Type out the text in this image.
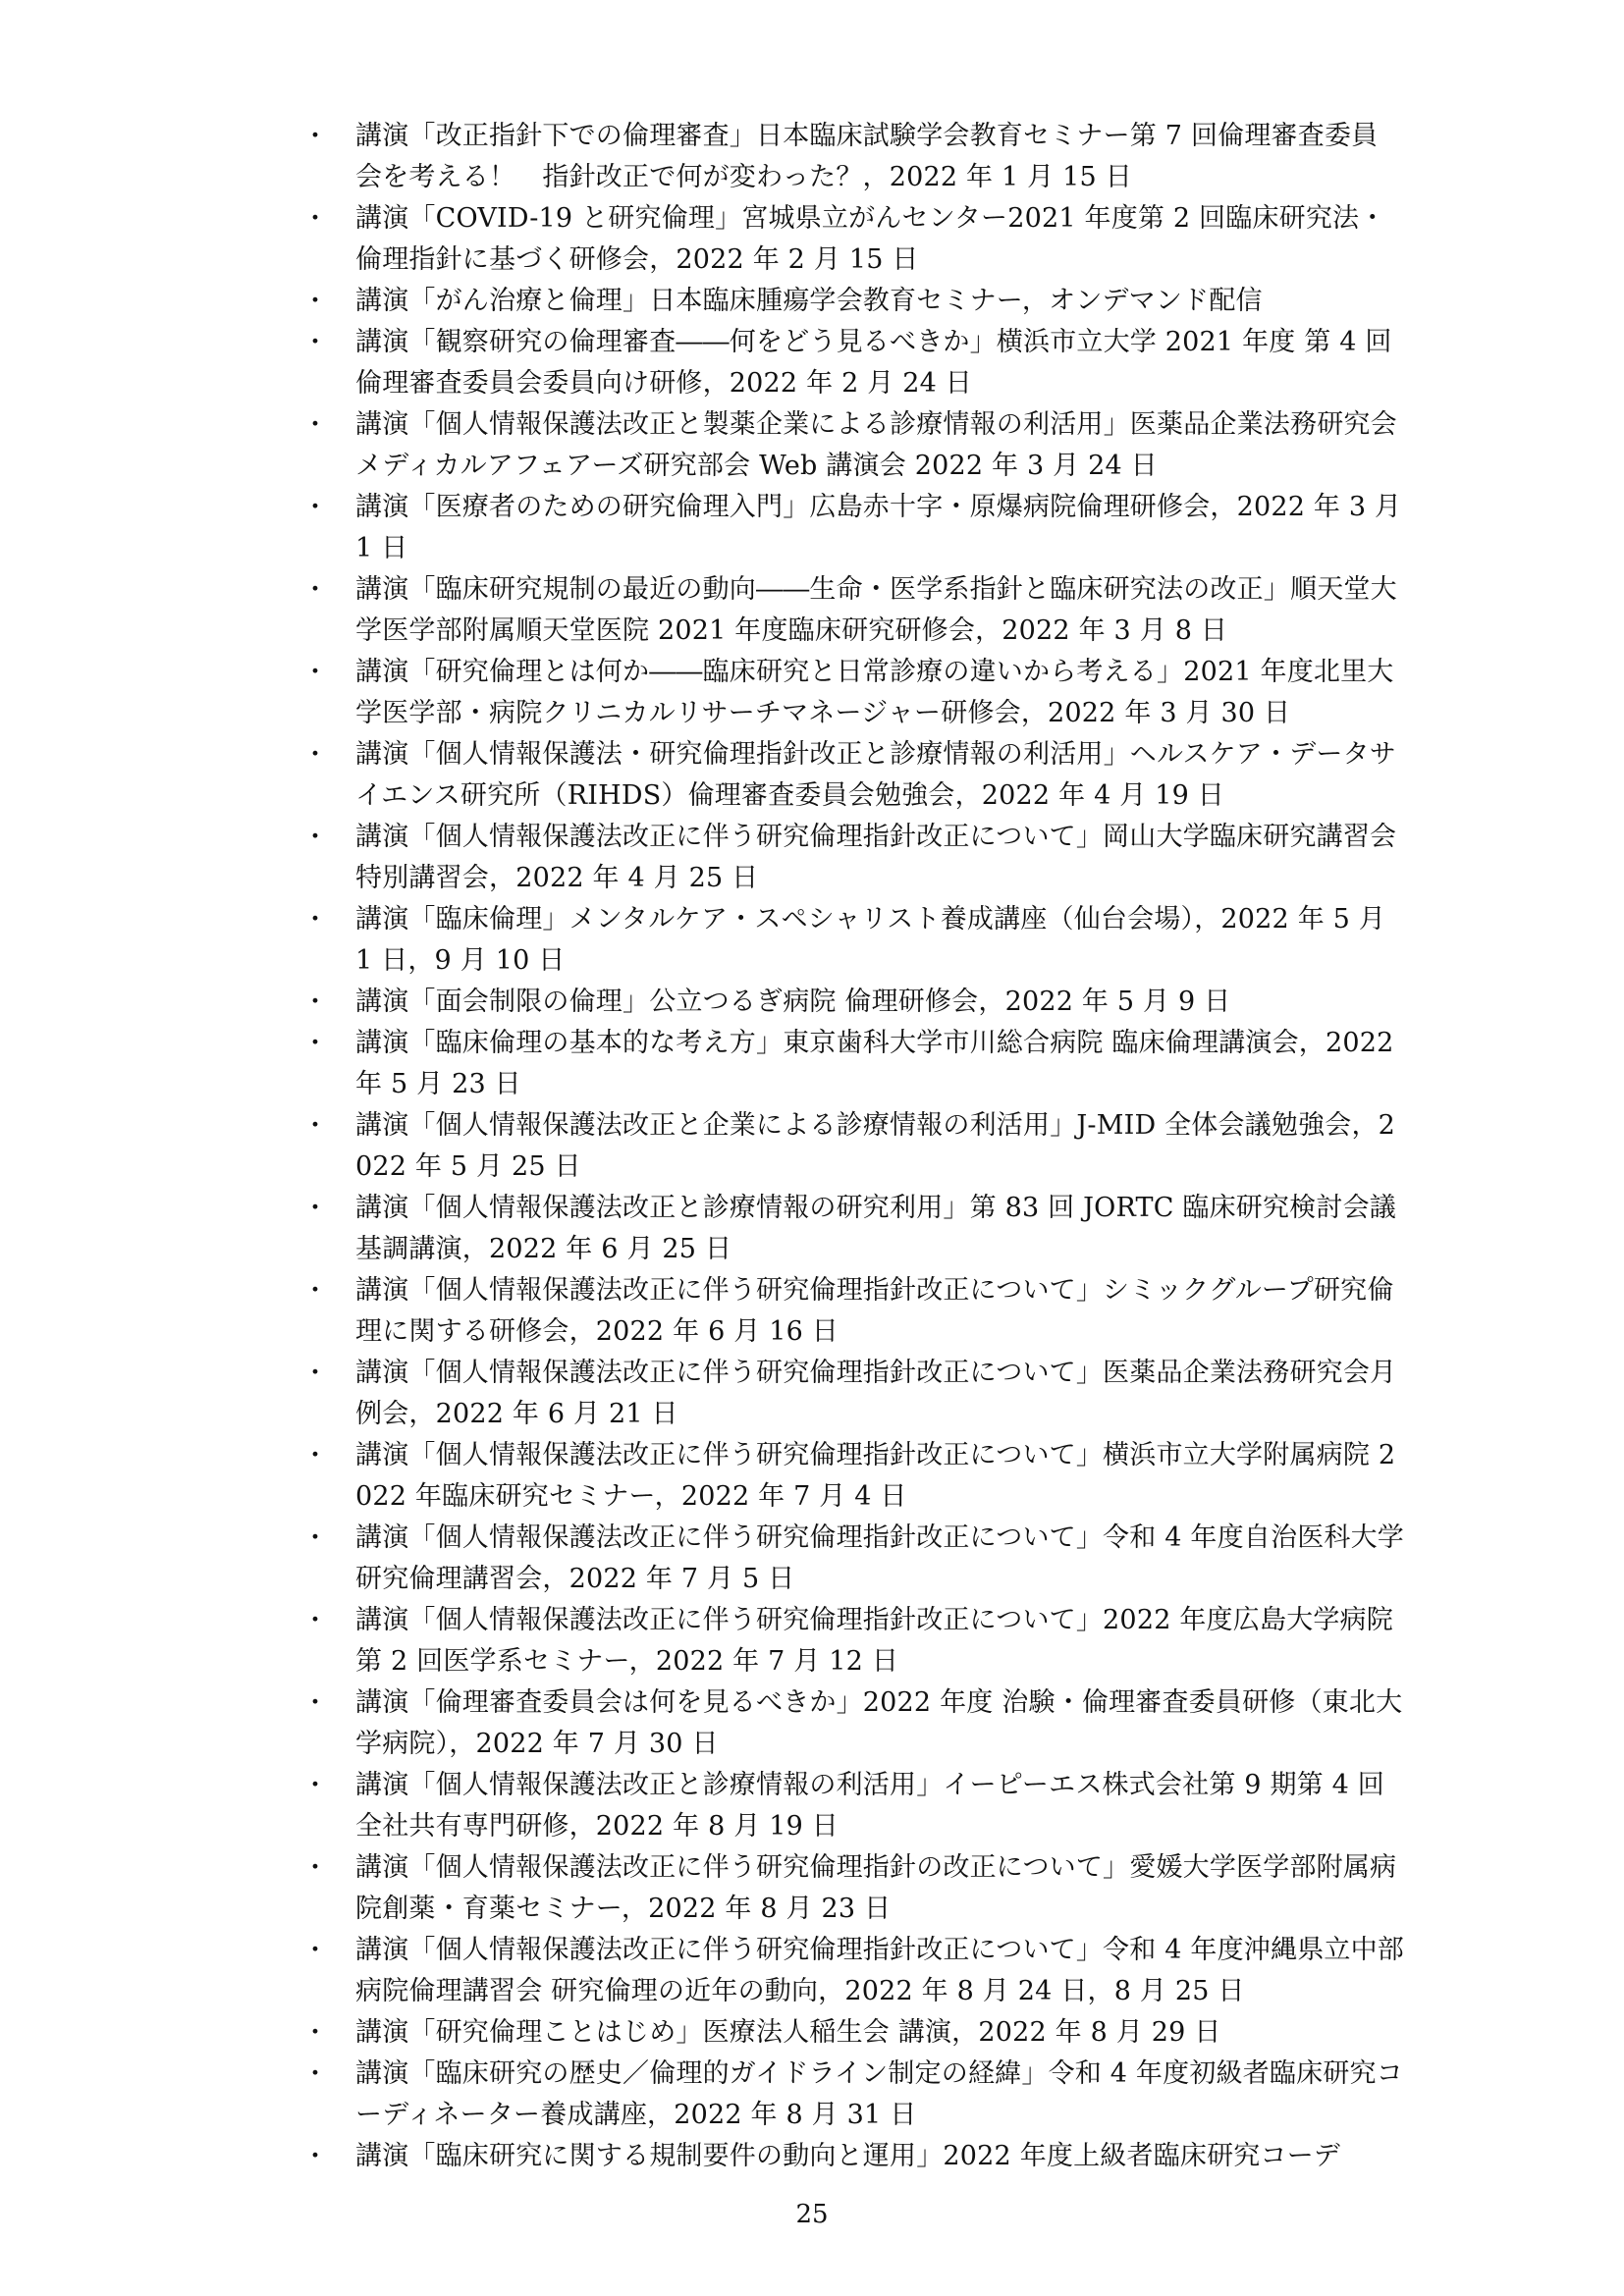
・ 講演「改正指針下での倫理審査」日本臨床試験学会教育セミナー第 7 回倫理審査委員会を考える！　指針改正で何が変わった？，2022 年 1 月 15 日
・ 講演「COVID-19 と研究倫理」宮城県立がんセンター2021 年度第 2 回臨床研究法・倫理指針に基づく研修会，2022 年 2 月 15 日
・ 講演「がん治療と倫理」日本臨床腫瘍学会教育セミナー，オンデマンド配信
・ 講演「観察研究の倫理審査――何をどう見るべきか」横浜市立大学 2021 年度 第 4 回 倫理審査委員会委員向け研修，2022 年 2 月 24 日
・ 講演「個人情報保護法改正と製薬企業による診療情報の利活用」医薬品企業法務研究会メディカルアフェアーズ研究部会 Web 講演会 2022 年 3 月 24 日
・ 講演「医療者のための研究倫理入門」広島赤十字・原爆病院倫理研修会，2022 年 3 月 1 日
・ 講演「臨床研究規制の最近の動向――生命・医学系指針と臨床研究法の改正」順天堂大学医学部附属順天堂医院 2021 年度臨床研究研修会，2022 年 3 月 8 日
・ 講演「研究倫理とは何か――臨床研究と日常診療の違いから考える」2021 年度北里大学医学部・病院クリニカルリサーチマネージャー研修会，2022 年 3 月 30 日
・ 講演「個人情報保護法・研究倫理指針改正と診療情報の利活用」ヘルスケア・データサイエンス研究所（RIHDS）倫理審査委員会勉強会，2022 年 4 月 19 日
・ 講演「個人情報保護法改正に伴う研究倫理指針改正について」岡山大学臨床研究講習会特別講習会，2022 年 4 月 25 日
・ 講演「臨床倫理」メンタルケア・スペシャリスト養成講座（仙台会場），2022 年 5 月 1 日，9 月 10 日
・ 講演「面会制限の倫理」公立つるぎ病院 倫理研修会，2022 年 5 月 9 日
・ 講演「臨床倫理の基本的な考え方」東京歯科大学市川総合病院 臨床倫理講演会，2022 年 5 月 23 日
・ 講演「個人情報保護法改正と企業による診療情報の利活用」J-MID 全体会議勉強会，2022 年 5 月 25 日
・ 講演「個人情報保護法改正と診療情報の研究利用」第 83 回 JORTC 臨床研究検討会議 基調講演，2022 年 6 月 25 日
・ 講演「個人情報保護法改正に伴う研究倫理指針改正について」シミックグループ研究倫理に関する研修会，2022 年 6 月 16 日
・ 講演「個人情報保護法改正に伴う研究倫理指針改正について」医薬品企業法務研究会月例会，2022 年 6 月 21 日
・ 講演「個人情報保護法改正に伴う研究倫理指針改正について」横浜市立大学附属病院 2022 年臨床研究セミナー，2022 年 7 月 4 日
・ 講演「個人情報保護法改正に伴う研究倫理指針改正について」令和 4 年度自治医科大学研究倫理講習会，2022 年 7 月 5 日
・ 講演「個人情報保護法改正に伴う研究倫理指針改正について」2022 年度広島大学病院第 2 回医学系セミナー，2022 年 7 月 12 日
・ 講演「倫理審査委員会は何を見るべきか」2022 年度 治験・倫理審査委員研修（東北大学病院），2022 年 7 月 30 日
・ 講演「個人情報保護法改正と診療情報の利活用」イーピーエス株式会社第 9 期第 4 回全社共有専門研修，2022 年 8 月 19 日
・ 講演「個人情報保護法改正に伴う研究倫理指針の改正について」愛媛大学医学部附属病院創薬・育薬セミナー，2022 年 8 月 23 日
・ 講演「個人情報保護法改正に伴う研究倫理指針改正について」令和 4 年度沖縄県立中部病院倫理講習会 研究倫理の近年の動向，2022 年 8 月 24 日，8 月 25 日
・ 講演「研究倫理ことはじめ」医療法人稲生会 講演，2022 年 8 月 29 日
・ 講演「臨床研究の歴史／倫理的ガイドライン制定の経緯」令和 4 年度初級者臨床研究コーディネーター養成講座，2022 年 8 月 31 日
・ 講演「臨床研究に関する規制要件の動向と運用」2022 年度上級者臨床研究コーデ
25
